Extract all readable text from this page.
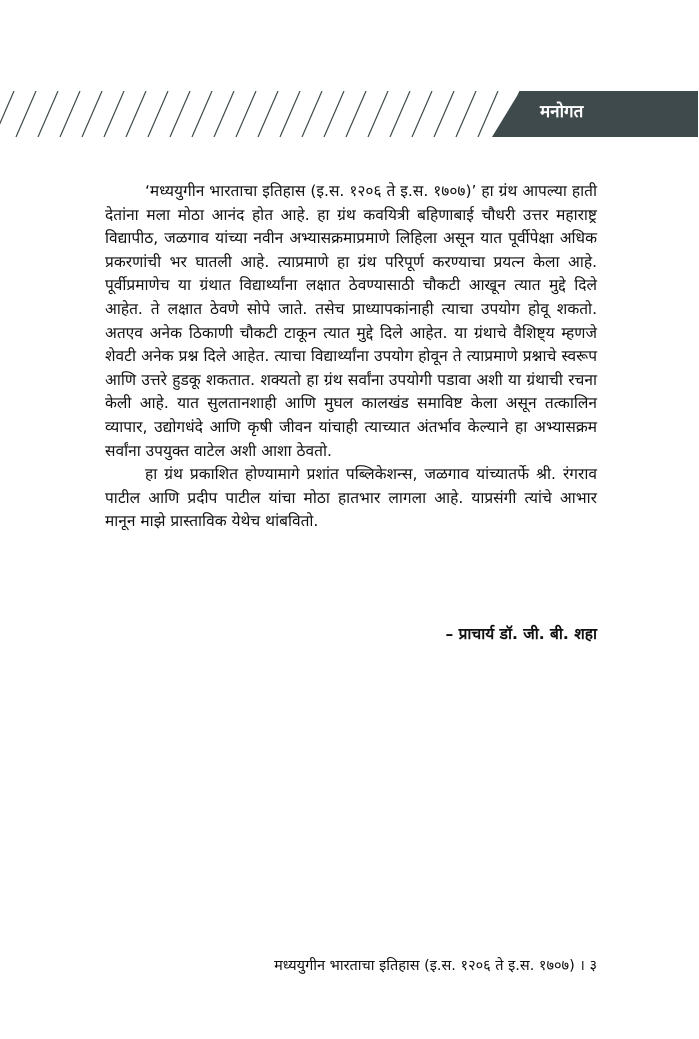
मनोगत

‘मध्ययुगीन भारताचा इतिहास (इ.स. १२०६ ते इ.स. १७०७)’ हा ग्रंथ आपल्या हाती देतांना मला मोठा आनंद होत आहे. हा ग्रंथ कवयित्री बहिणाबाई चौधरी उत्तर महाराष्ट्र विद्यापीठ, जळगाव यांच्या नवीन अभ्यासक्रमाप्रमाणे लिहिला असून यात पूर्वीपेक्षा अधिक प्रकरणांची भर घातली आहे. त्याप्रमाणे हा ग्रंथ परिपूर्ण करण्याचा प्रयत्न केला आहे. पूर्वीप्रमाणेच या ग्रंथात विद्यार्थ्यांना लक्षात ठेवण्यासाठी चौकटी आखून त्यात मुद्दे दिले आहेत. ते लक्षात ठेवणे सोपे जाते. तसेच प्राध्यापकांनाही त्याचा उपयोग होवू शकतो. अतएव अनेक ठिकाणी चौकटी टाकून त्यात मुद्दे दिले आहेत. या ग्रंथाचे वैशिष्ट्य म्हणजे शेवटी अनेक प्रश्न दिले आहेत. त्याचा विद्यार्थ्यांना उपयोग होवून ते त्याप्रमाणे प्रश्नाचे स्वरूप आणि उत्तरे हुडकू शकतात. शक्यतो हा ग्रंथ सर्वांना उपयोगी पडावा अशी या ग्रंथाची रचना केली आहे. यात सुलतानशाही आणि मुघल कालखंड समाविष्ट केला असून तत्कालिन व्यापार, उद्योगधंदे आणि कृषी जीवन यांचाही त्याच्यात अंतर्भाव केल्याने हा अभ्यासक्रम सर्वांना उपयुक्त वाटेल अशी आशा ठेवतो.

हा ग्रंथ प्रकाशित होण्यामागे प्रशांत पब्लिकेशन्स, जळगाव यांच्यातर्फे श्री. रंगराव पाटील आणि प्रदीप पाटील यांचा मोठा हातभार लागला आहे. याप्रसंगी त्यांचे आभार मानून माझे प्रास्ताविक येथेच थांबवितो.

– प्राचार्य डॉ. जी. बी. शहा
मध्ययुगीन भारताचा इतिहास (इ.स. १२०६ ते इ.स. १७०७) । ३
